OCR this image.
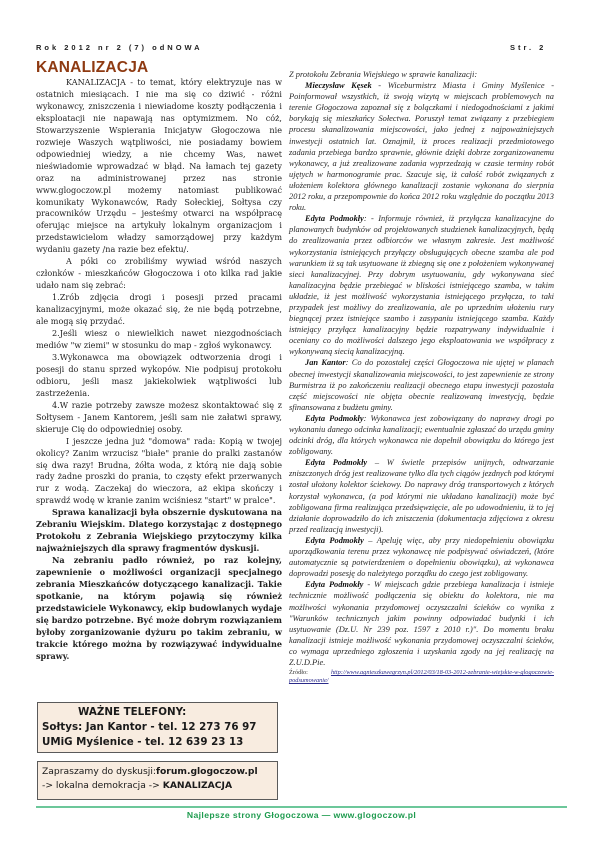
Rok 2012 nr 2 (7) odNOWA	Str. 2
KANALIZACJA

KANALIZACJA - to temat, który elektryzuje nas w ostatnich miesiącach. I nie ma się co dziwić - różni wykonawcy, zniszczenia i niewiadome koszty podłączenia i eksploatacji nie napawają nas optymizmem. No cóż, Stowarzyszenie Wspierania Inicjatyw Głogoczowa nie rozwieje Waszych wątpliwości, nie posiadamy bowiem odpowiedniej wiedzy, a nie chcemy Was, nawet nieświadomie wprowadzać w błąd. Na łamach tej gazety oraz na administrowanej przez nas stronie www.glogoczow.pl możemy natomiast publikować komunikaty Wykonawców, Rady Sołeckiej, Sołtysa czy pracowników Urzędu – jesteśmy otwarci na współpracę oferując miejsce na artykuły lokalnym organizacjom i przedstawicielom władzy samorządowej przy każdym wydaniu gazety /na razie bez efektu/.

A póki co zrobiliśmy wywiad wśród naszych członków - mieszkańców Głogoczowa i oto kilka rad jakie udało nam się zebrać:

1.Zrób zdjęcia drogi i posesji przed pracami kanalizacyjnymi, może okazać się, że nie będą potrzebne, ale mogą się przydać.

2.Jeśli wiesz o niewielkich nawet niezgodnościach mediów "w ziemi" w stosunku do map - zgłoś wykonawcy.

3.Wykonawca ma obowiązek odtworzenia drogi i posesji do stanu sprzed wykopów. Nie podpisuj protokołu odbioru, jeśli masz jakiekolwiek wątpliwości lub zastrzeżenia.

4.W razie potrzeby zawsze możesz skontaktować się z Sołtysem - Janem Kantorem, jeśli sam nie załatwi sprawy, skieruje Cię do odpowiedniej osoby.

I jeszcze jedna już "domowa" rada: Kopią w twojej okolicy? Zanim wrzucisz "białe" pranie do pralki zastanów się dwa razy! Brudna, żółta woda, z którą nie dają sobie rady żadne proszki do prania, to częsty efekt przerwanych rur z wodą. Zaczekaj do wieczora, aż ekipa skończy i sprawdź wodę w kranie zanim wciśniesz "start" w pralce".

Sprawa kanalizacji była obszernie dyskutowana na Zebraniu Wiejskim. Dlatego korzystając z dostępnego Protokołu z Zebrania Wiejskiego przytoczymy kilka najważniejszych dla sprawy fragmentów dyskusji.

Na zebraniu padło również, po raz kolejny, zapewnienie o możliwości organizacji specjalnego zebrania Mieszkańców dotyczącego kanalizacji. Takie spotkanie, na którym pojawią się również przedstawiciele Wykonawcy, ekip budowlanych wydaje się bardzo potrzebne. Być może dobrym rozwiązaniem byłoby zorganizowanie dyżuru po takim zebraniu, w trakcie którego można by rozwiązywać indywidualne sprawy.

WAŻNE TELEFONY:
Sołtys: Jan Kantor - tel. 12 273 76 97
UMiG Myślenice - tel. 12 639 23 13
Zapraszamy do dyskusji:forum.glogoczow.pl
-> lokalna demokracja -> KANALIZACJA

Z protokołu Zebrania Wiejskiego w sprawie kanalizacji:

Mieczysław Kęsek - Wiceburmistrz Miasta i Gminy Myślenice - Poinformował wszystkich, iż swoją wizytą w miejscach problemowych na terenie Głogoczowa zapoznał się z bolączkami i niedogodnościami z jakimi borykają się mieszkańcy Sołectwa. Poruszył temat związany z przebiegiem procesu skanalizowania miejscowości, jako jednej z najpoważniejszych inwestycji ostatnich lat. Oznajmił, iż proces realizacji przedmiotowego zadania przebiega bardzo sprawnie, głównie dzięki dobrze zorganizowanemu wykonawcy, a już zrealizowane zadania wyprzedzają w czasie terminy robót ujętych w harmonogramie prac. Szacuje się, iż całość robót związanych z ułożeniem kolektora głównego kanalizacji zostanie wykonana do sierpnia 2012 roku, a przepompownie do końca 2012 roku względnie do początku 2013 roku.

Edyta Podmokły: - Informuje również, iż przyłącza kanalizacyjne do planowanych budynków od projektowanych studzienek kanalizacyjnych, będą do zrealizowania przez odbiorców we własnym zakresie. Jest możliwość wykorzystania istniejących przyłączy obsługujących obecne szamba ale pod warunkiem iż są tak usytuowane iż zbiegną się one z położeniem wykonywanej sieci kanalizacyjnej. Przy dobrym usytuowaniu, gdy wykonywana sieć kanalizacyjna będzie przebiegać w bliskości istniejącego szamba, w takim układzie, iż jest możliwość wykorzystania istniejącego przyłącza, to taki przypadek jest możliwy do zrealizowania, ale po uprzednim ułożeniu rury biegnącej przez istniejące szambo i zasypaniu istniejącego szamba. Każdy istniejący przyłącz kanalizacyjny będzie rozpatrywany indywidualnie i oceniany co do możliwości dalszego jego eksploatowania we współpracy z wykonywaną siecią kanalizacyjną.

Jan Kantor: Co do pozostałej części Głogoczowa nie ujętej w planach obecnej inwestycji skanalizowania miejscowości, to jest zapewnienie ze strony Burmistrza iż po zakończeniu realizacji obecnego etapu inwestycji pozostała część miejscowości nie objęta obecnie realizowaną inwestycją, będzie sfinansowana z budżetu gminy.

Edyta Podmokły: Wykonawca jest zobowiązany do naprawy drogi po wykonaniu danego odcinka kanalizacji; ewentualnie zgłaszać do urzędu gminy odcinki dróg, dla których wykonawca nie dopełnił obowiązku do którego jest zobligowany.

Edyta Podmokły – W świetle przepisów unijnych, odtwarzanie zniszczonych dróg jest realizowane tylko dla tych ciągów jezdnych pod którymi został ułożony kolektor ściekowy. Do naprawy dróg transportowych z których korzystał wykonawca, (a pod którymi nie układano kanalizacji) może być zobligowana firma realizująca przedsięwzięcie, ale po udowodnieniu, iż to jej działanie doprowadziło do ich zniszczenia (dokumentacja zdjęciowa z okresu przed realizacją inwestycji).

Edyta Podmokły – Apeluję więc, aby przy niedopełnieniu obowiązku uporządkowania terenu przez wykonawcę nie podpisywać oświadczeń, (które automatycznie są potwierdzeniem o dopełnieniu obowiązku), aż wykonawca doprowadzi posesję do należytego porządku do czego jest zobligowany.

Edyta Podmokły - W miejscach gdzie przebiega kanalizacja i istnieje technicznie możliwość podłączenia się obiektu do kolektora, nie ma możliwości wykonania przydomowej oczyszczalni ścieków co wynika z "Warunków technicznych jakim powinny odpowiadać budynki i ich usytuowanie (Dz.U. Nr 239 poz. 1597 z 2010 r.)". Do momentu braku kanalizacji istnieje możliwość wykonania przydomowej oczyszczalni ścieków, co wymaga uprzedniego zgłoszenia i uzyskania zgody na jej realizację na Z.U.D.Pie.

Źródło:	http://www.agnieszkawegrzyn.pl/2012/03/18-03-2012-zebranie-wiejskie-w-glogoczowie-podsumowanie/
Najlepsze strony Głogoczowa — www.glogoczow.pl
